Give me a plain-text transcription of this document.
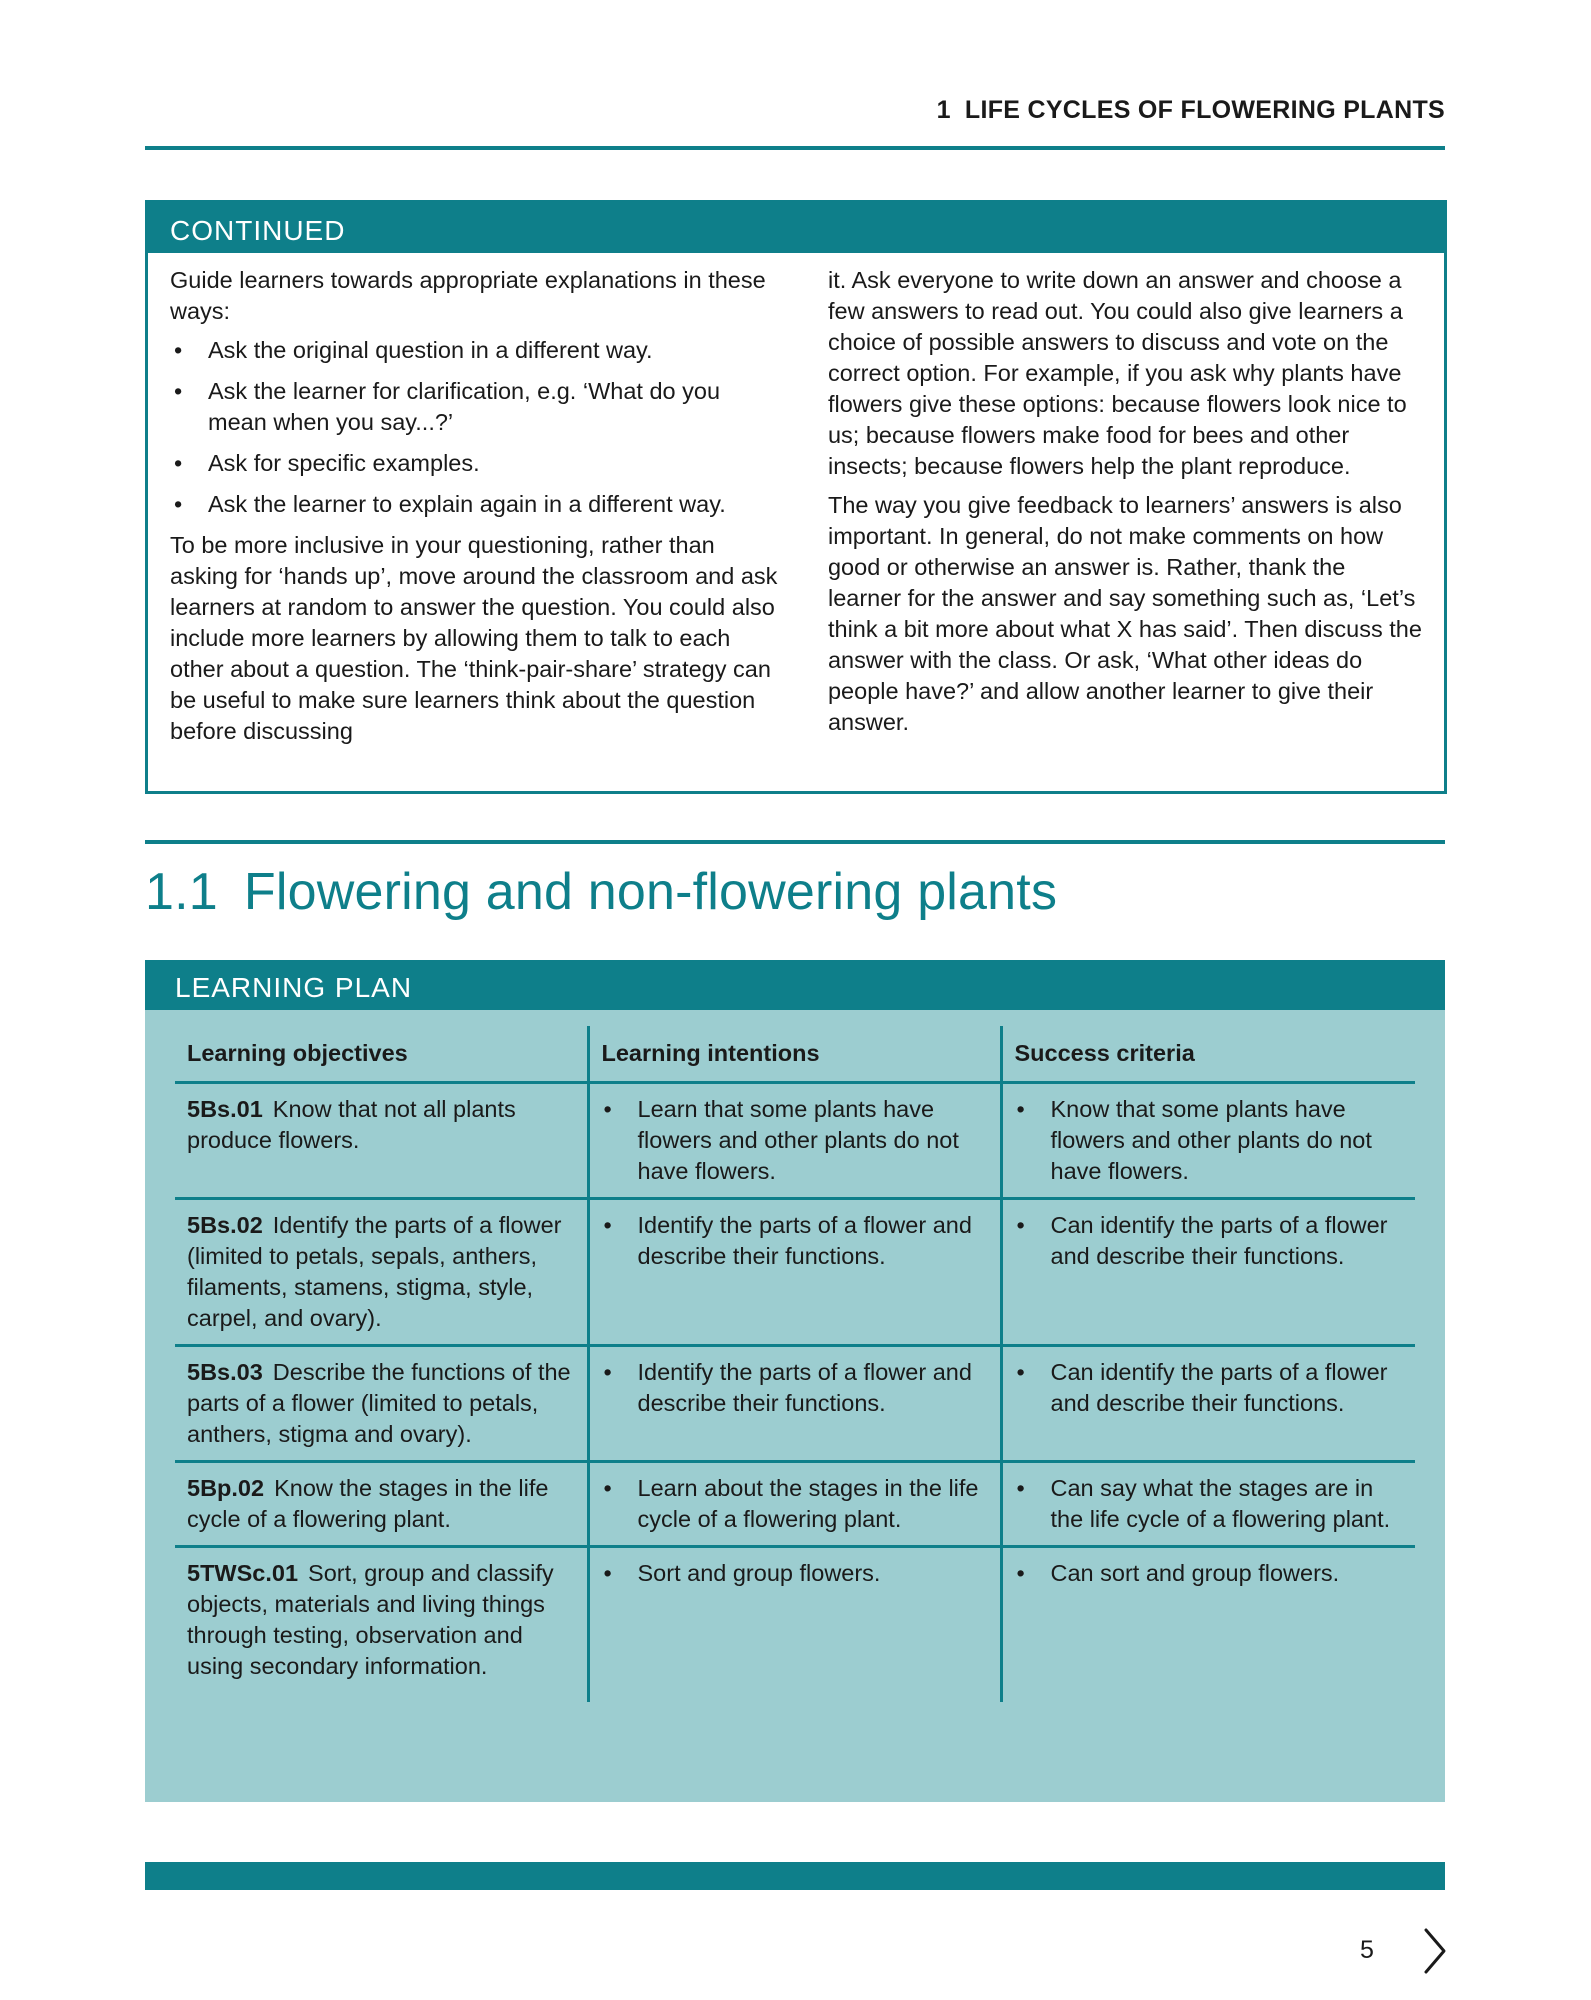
1 LIFE CYCLES OF FLOWERING PLANTS
CONTINUED

Guide learners towards appropriate explanations in these ways:

• Ask the original question in a different way.
• Ask the learner for clarification, e.g. ‘What do you mean when you say...?’
• Ask for specific examples.
• Ask the learner to explain again in a different way.

To be more inclusive in your questioning, rather than asking for ‘hands up’, move around the classroom and ask learners at random to answer the question. You could also include more learners by allowing them to talk to each other about a question. The ‘think-pair-share’ strategy can be useful to make sure learners think about the question before discussing

it. Ask everyone to write down an answer and choose a few answers to read out. You could also give learners a choice of possible answers to discuss and vote on the correct option. For example, if you ask why plants have flowers give these options: because flowers look nice to us; because flowers make food for bees and other insects; because flowers help the plant reproduce.

The way you give feedback to learners’ answers is also important. In general, do not make comments on how good or otherwise an answer is. Rather, thank the learner for the answer and say something such as, ‘Let’s think a bit more about what X has said’. Then discuss the answer with the class. Or ask, ‘What other ideas do people have?’ and allow another learner to give their answer.

1.1 Flowering and non-flowering plants
LEARNING PLAN
Learning objectives	Learning intentions	Success criteria
5Bs.01 Know that not all plants produce flowers.	• Learn that some plants have flowers and other plants do not have flowers.	• Know that some plants have flowers and other plants do not have flowers.

5Bs.02 Identify the parts of a flower (limited to petals, sepals, anthers, filaments, stamens, stigma, style, carpel, and ovary).	• Identify the parts of a flower and describe their functions.	• Can identify the parts of a flower and describe their functions.

5Bs.03 Describe the functions of the parts of a flower (limited to petals, anthers, stigma and ovary).	• Identify the parts of a flower and describe their functions.	• Can identify the parts of a flower and describe their functions.

5Bp.02 Know the stages in the life cycle of a flowering plant.	• Learn about the stages in the life cycle of a flowering plant.	• Can say what the stages are in the life cycle of a flowering plant.

5TWSc.01 Sort, group and classify objects, materials and living things through testing, observation and using secondary information.	• Sort and group flowers.	• Can sort and group flowers.
5
